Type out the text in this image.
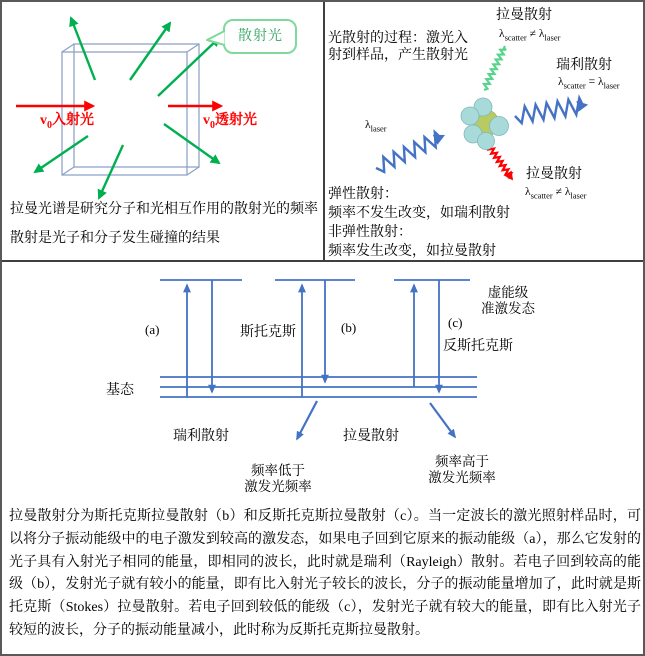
散射光
$v_0$入射光	$v_0$透射光
拉曼光谱是研究分子和光相互作用的散射光的频率
散射是光子和分子发生碰撞的结果
光散射的过程：激光入
射到样品，产生散射光
拉曼散射
$\lambda_{scatter} \ne \lambda_{laser}$
瑞利散射
$\lambda_{scatter} = \lambda_{laser}$
$\lambda_{laser}$
拉曼散射
$\lambda_{scatter} \ne \lambda_{laser}$
弹性散射：
频率不发生改变，如瑞利散射
非弹性散射：
频率发生改变，如拉曼散射
(a)	斯托克斯	(b)	(c)
反斯托克斯
虚能级
准激发态
基态
瑞利散射	拉曼散射
频率低于
激发光频率
频率高于
激发光频率
拉曼散射分为斯托克斯拉曼散射（b）和反斯托克斯拉曼散射（c）。当一定波长的激光照射样品时，可以将分子振动能级中的电子激发到较高的激发态，如果电子回到它原来的振动能级（a），那么它发射的光子具有入射光子相同的能量，即相同的波长，此时就是瑞利（Rayleigh）散射。若电子回到较高的能级（b），发射光子就有较小的能量，即有比入射光子较长的波长，分子的振动能量增加了，此时就是斯托克斯（Stokes）拉曼散射。若电子回到较低的能级（c），发射光子就有较大的能量，即有比入射光子较短的波长，分子的振动能量减小，此时称为反斯托克斯拉曼散射。
